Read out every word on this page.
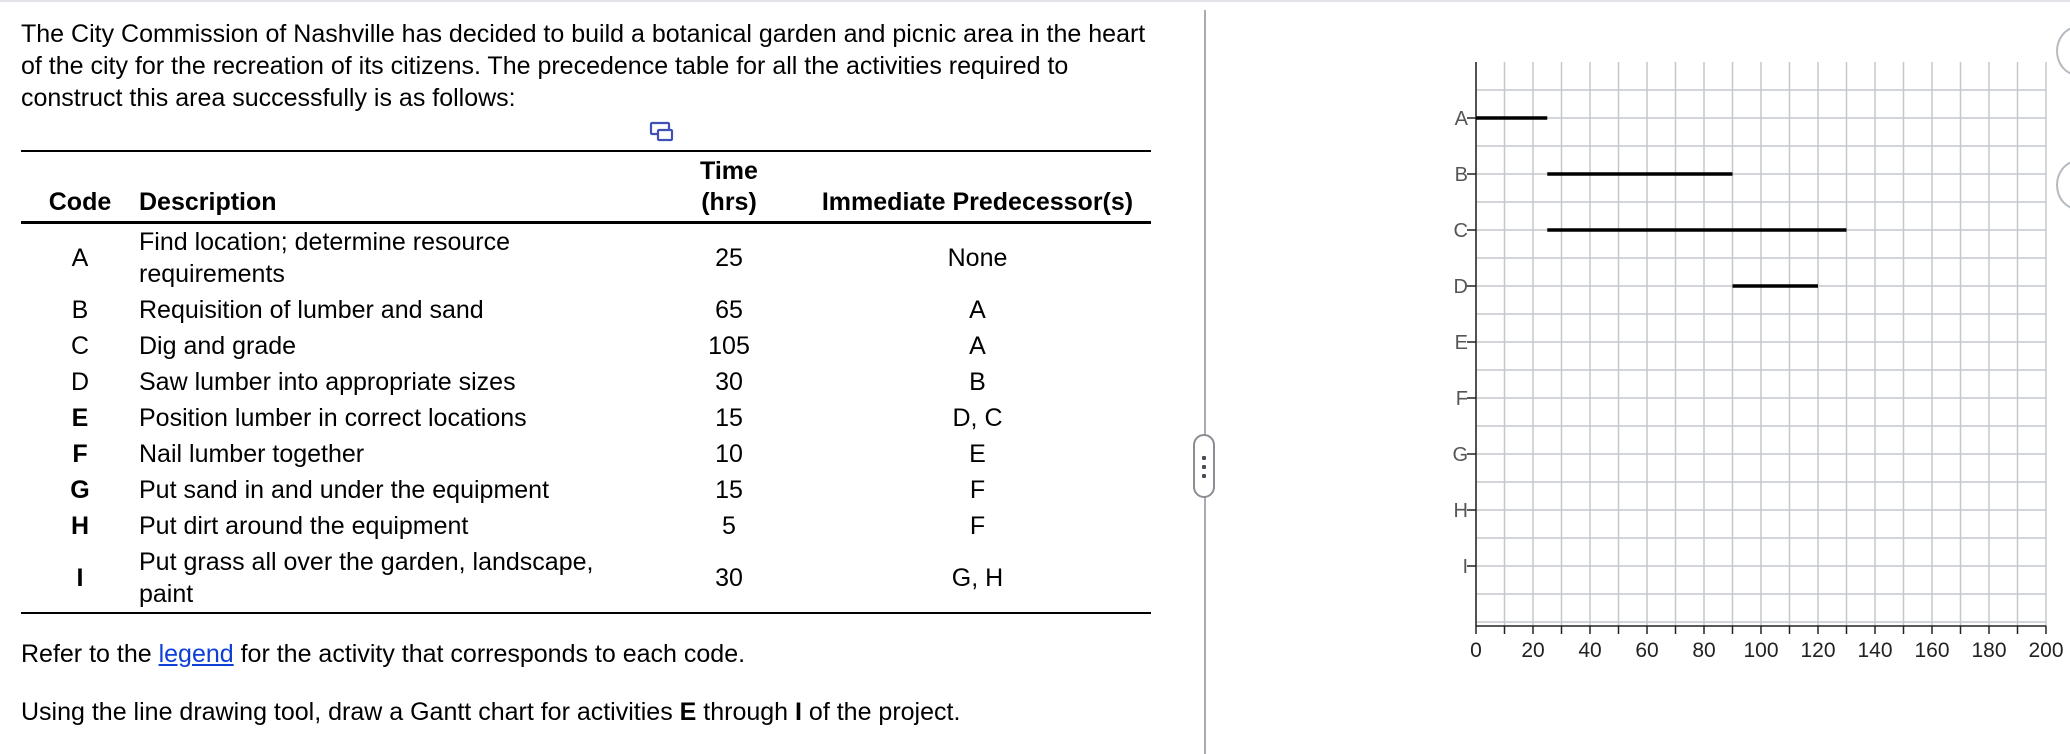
The City Commission of Nashville has decided to build a botanical garden and picnic area in the heart of the city for the recreation of its citizens. The precedence table for all the activities required to construct this area successfully is as follows:

Code	Description	Time (hrs)	Immediate Predecessor(s)
A	Find location; determine resource requirements	25	None
B	Requisition of lumber and sand	65	A
C	Dig and grade	105	A
D	Saw lumber into appropriate sizes	30	B
E	Position lumber in correct locations	15	D, C
F	Nail lumber together	10	E
G	Put sand in and under the equipment	15	F
H	Put dirt around the equipment	5	F
I	Put grass all over the garden, landscape, paint	30	G, H

Refer to the legend for the activity that corresponds to each code.

Using the line drawing tool, draw a Gantt chart for activities E through I of the project.

0 20 40 60 80 100 120 140 160 180 200
A
B
C
D
E
F
G
H
I
